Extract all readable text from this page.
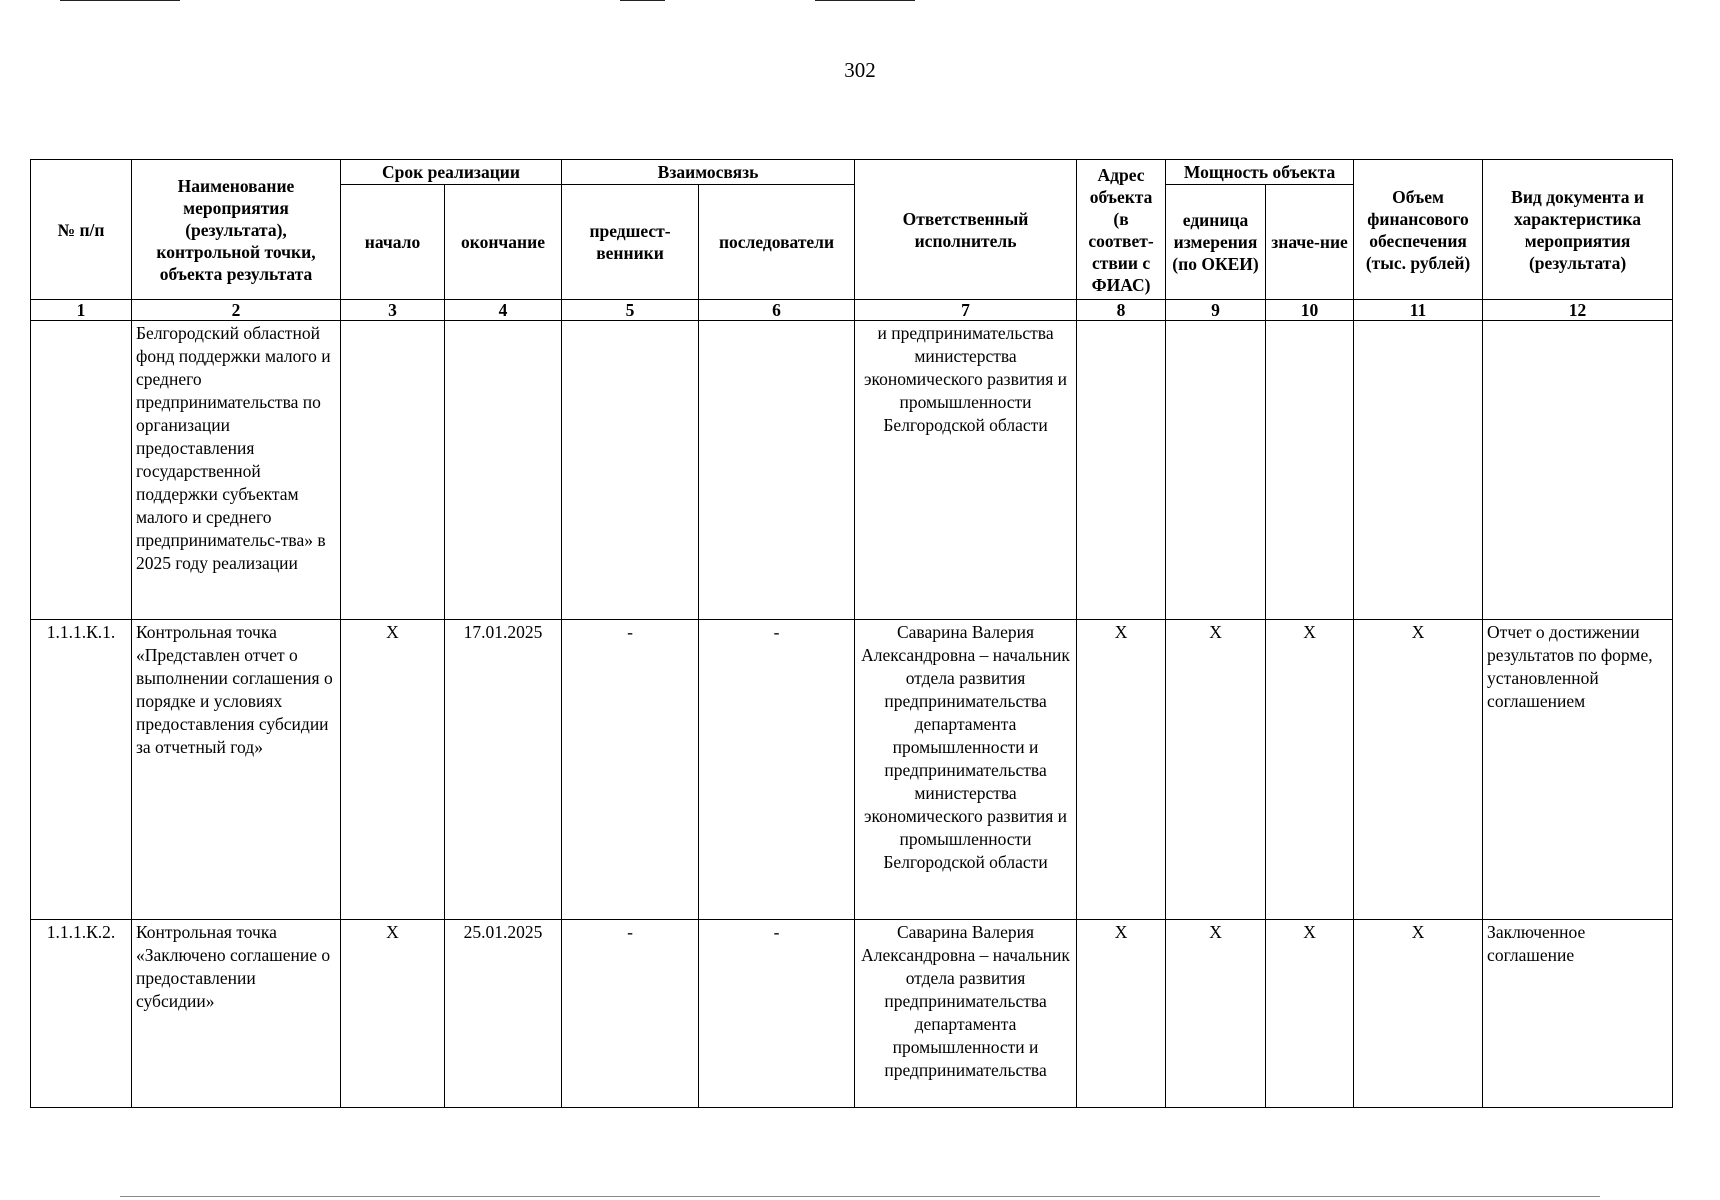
302
№ п/п	Наименование мероприятия (результата), контрольной точки, объекта результата	Срок реализации		Взаимосвязь		Ответственный исполнитель	Адрес объекта (в соответ-ствии с ФИАС)	Мощность объекта		Объем финансового обеспечения (тыс. рублей)	Вид документа и характеристика мероприятия (результата)
		начало	окончание	предшест-венники	последователи			единица измерения (по ОКЕИ)	значе-ние		
1	2	3	4	5	6	7	8	9	10	11	12
	Белгородский областной фонд поддержки малого и среднего предпринимательства по организации предоставления государственной поддержки субъектам малого и среднего предпринимательс-тва» в 2025 году реализации					и предпринимательства министерства экономического развития и промышленности Белгородской области					
1.1.1.К.1.	Контрольная точка «Представлен отчет о выполнении соглашения о порядке и условиях предоставления субсидии за отчетный год»	Х	17.01.2025	-	-	Саварина Валерия Александровна – начальник отдела развития предпринимательства департамента промышленности и предпринимательства министерства экономического развития и промышленности Белгородской области	Х	Х	Х	Х	Отчет о достижении результатов по форме, установленной соглашением
1.1.1.К.2.	Контрольная точка «Заключено соглашение о предоставлении субсидии»	Х	25.01.2025	-	-	Саварина Валерия Александровна – начальник отдела развития предпринимательства департамента промышленности и предпринимательства	Х	Х	Х	Х	Заключенное соглашение
